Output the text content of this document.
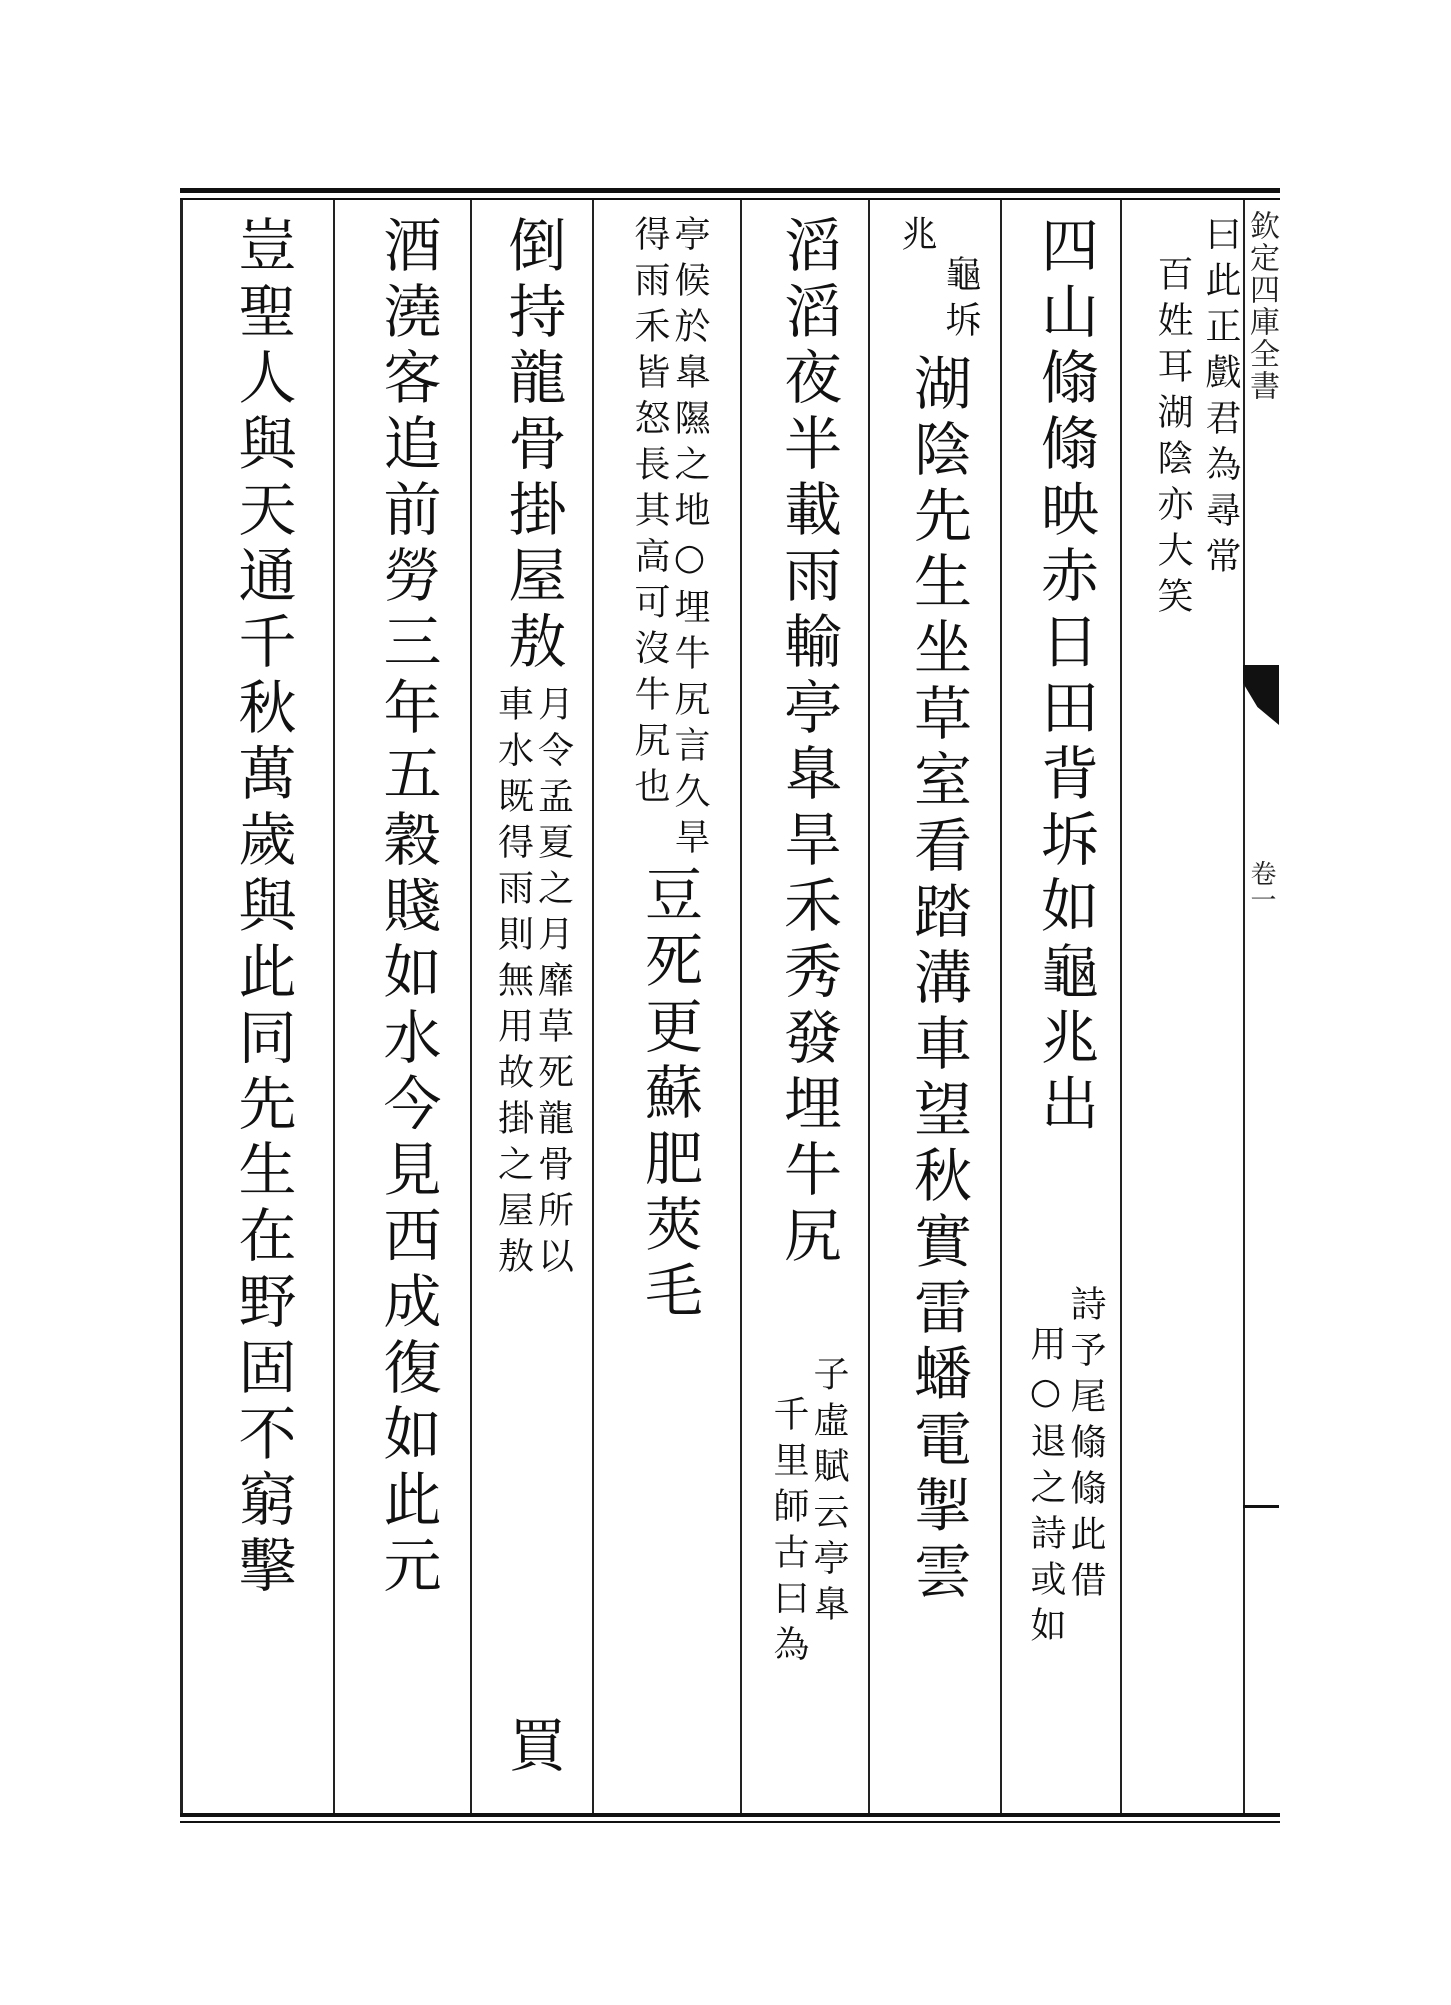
欽定四庫全書
卷一
曰此正戲君為尋常
百姓耳湖陰亦大笑
四山翛翛映赤日田背坼如龜兆出
詩予尾翛翛此借
用○退之詩或如
龜坼
兆
湖陰先生坐草室看踏溝車望秋實雷蟠電掣雲
滔滔夜半載雨輸亭臯旱禾秀發埋牛尻
子虛賦云亭臯
千里師古曰為
亭候於臯隰之地○埋牛尻言久旱
得雨禾皆怒長其高可沒牛尻也
豆死更蘇肥莢毛
倒持龍骨掛屋敖
月令孟夏之月靡草死龍骨所以
車水既得雨則無用故掛之屋敖
買
酒澆客追前勞三年五穀賤如水今見西成復如此元
豈聖人與天通千秋萬歲與此同先生在野固不窮擊
